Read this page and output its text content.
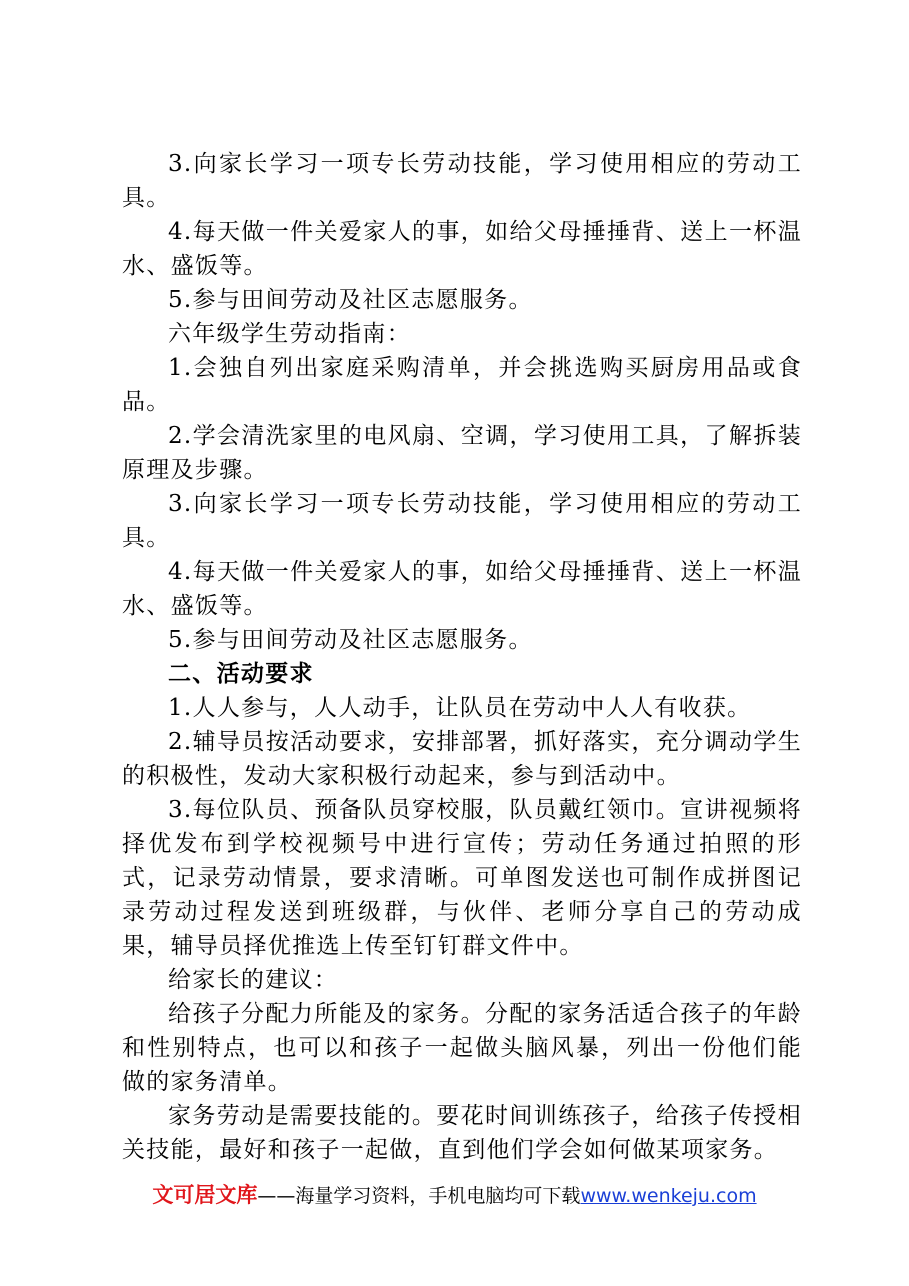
3.向家长学习一项专长劳动技能，学习使用相应的劳动工具。

4.每天做一件关爱家人的事，如给父母捶捶背、送上一杯温水、盛饭等。

5.参与田间劳动及社区志愿服务。

六年级学生劳动指南：

1.会独自列出家庭采购清单，并会挑选购买厨房用品或食品。

2.学会清洗家里的电风扇、空调，学习使用工具，了解拆装原理及步骤。

3.向家长学习一项专长劳动技能，学习使用相应的劳动工具。

4.每天做一件关爱家人的事，如给父母捶捶背、送上一杯温水、盛饭等。

5.参与田间劳动及社区志愿服务。

二、活动要求

1.人人参与，人人动手，让队员在劳动中人人有收获。

2.辅导员按活动要求，安排部署，抓好落实，充分调动学生的积极性，发动大家积极行动起来，参与到活动中。

3.每位队员、预备队员穿校服，队员戴红领巾。宣讲视频将择优发布到学校视频号中进行宣传；劳动任务通过拍照的形式，记录劳动情景，要求清晰。可单图发送也可制作成拼图记录劳动过程发送到班级群，与伙伴、老师分享自己的劳动成果，辅导员择优推选上传至钉钉群文件中。

给家长的建议：

给孩子分配力所能及的家务。分配的家务活适合孩子的年龄和性别特点，也可以和孩子一起做头脑风暴，列出一份他们能做的家务清单。

家务劳动是需要技能的。要花时间训练孩子，给孩子传授相关技能，最好和孩子一起做，直到他们学会如何做某项家务。

文可居文库——海量学习资料，手机电脑均可下载www.wenkeju.com
